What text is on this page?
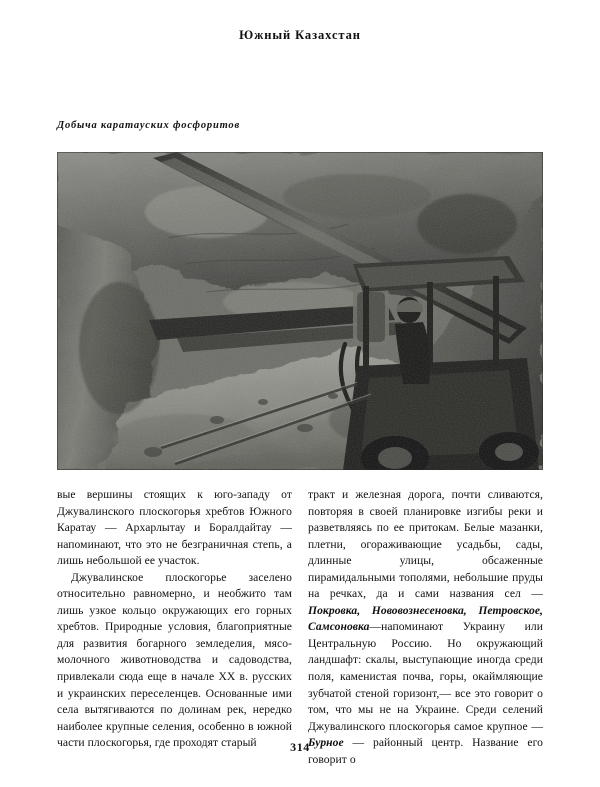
Южный Казахстан
Добыча каратауских фосфоритов

вые вершины стоящих к юго-западу от Джувалинского плоскогорья хребтов Южного Каратау — Архарлытау и Боралдайтау — напоминают, что это не безграничная степь, а лишь небольшой ее участок.

Джувалинское плоскогорье заселено относительно равномерно, и необжито там лишь узкое кольцо окружающих его горных хребтов. Природные условия, благоприятные для развития богарного земледелия, мясо-молочного животноводства и садоводства, привлекали сюда еще в начале XX в. русских и украинских переселенцев. Основанные ими села вытягиваются по долинам рек, нередко наиболее крупные селения, особенно в южной части плоскогорья, где проходят старый

тракт и железная дорога, почти сливаются, повторяя в своей планировке изгибы реки и разветвляясь по ее притокам. Белые мазанки, плетни, огораживающие усадьбы, сады, длинные улицы, обсаженные пирамидальными тополями, небольшие пруды на речках, да и сами названия сел — Покровка, Нововознесеновка, Петровское, Самсоновка—напоминают Украину или Центральную Россию. Но окружающий ландшафт: скалы, выступающие иногда среди поля, каменистая почва, горы, окаймляющие зубчатой стеной горизонт,— все это говорит о том, что мы не на Украине. Среди селений Джувалинского плоскогорья самое крупное — Бурное — районный центр. Название его говорит о

314
